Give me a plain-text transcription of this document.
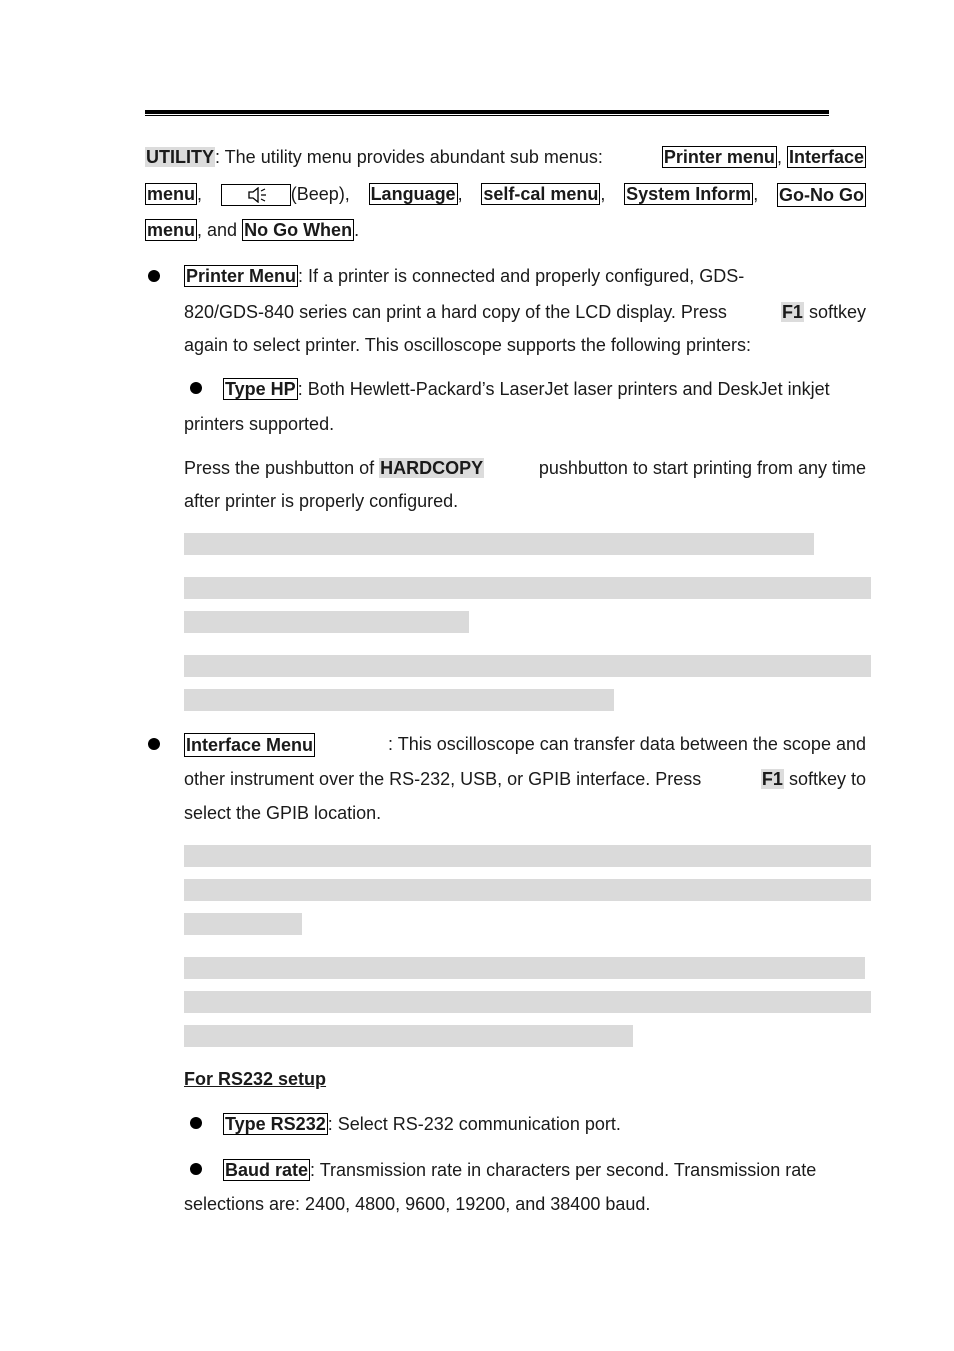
UTILITY: The utility menu provides abundant sub menus:	Printer menu , Interface
menu ,	(Beep), Language , self-cal menu , System Inform , Go-No Go
menu , and No Go When .
Printer Menu : If a printer is connected and properly configured, GDS-
820/GDS-840 series can print a hard copy of the LCD display. Press	F1 softkey
again to select printer. This oscilloscope supports the following printers:
Type HP : Both Hewlett-Packard’s LaserJet laser printers and DeskJet inkjet
printers supported.
Press the pushbutton of HARDCOPY	pushbutton to start printing from any time
after printer is properly configured.
Interface Menu	: This oscilloscope can transfer data between the scope and
other instrument over the RS-232, USB, or GPIB interface. Press	F1 softkey to
select the GPIB location.
For RS232 setup
Type RS232 : Select RS-232 communication port.
Baud rate : Transmission rate in characters per second. Transmission rate
selections are: 2400, 4800, 9600, 19200, and 38400 baud.
